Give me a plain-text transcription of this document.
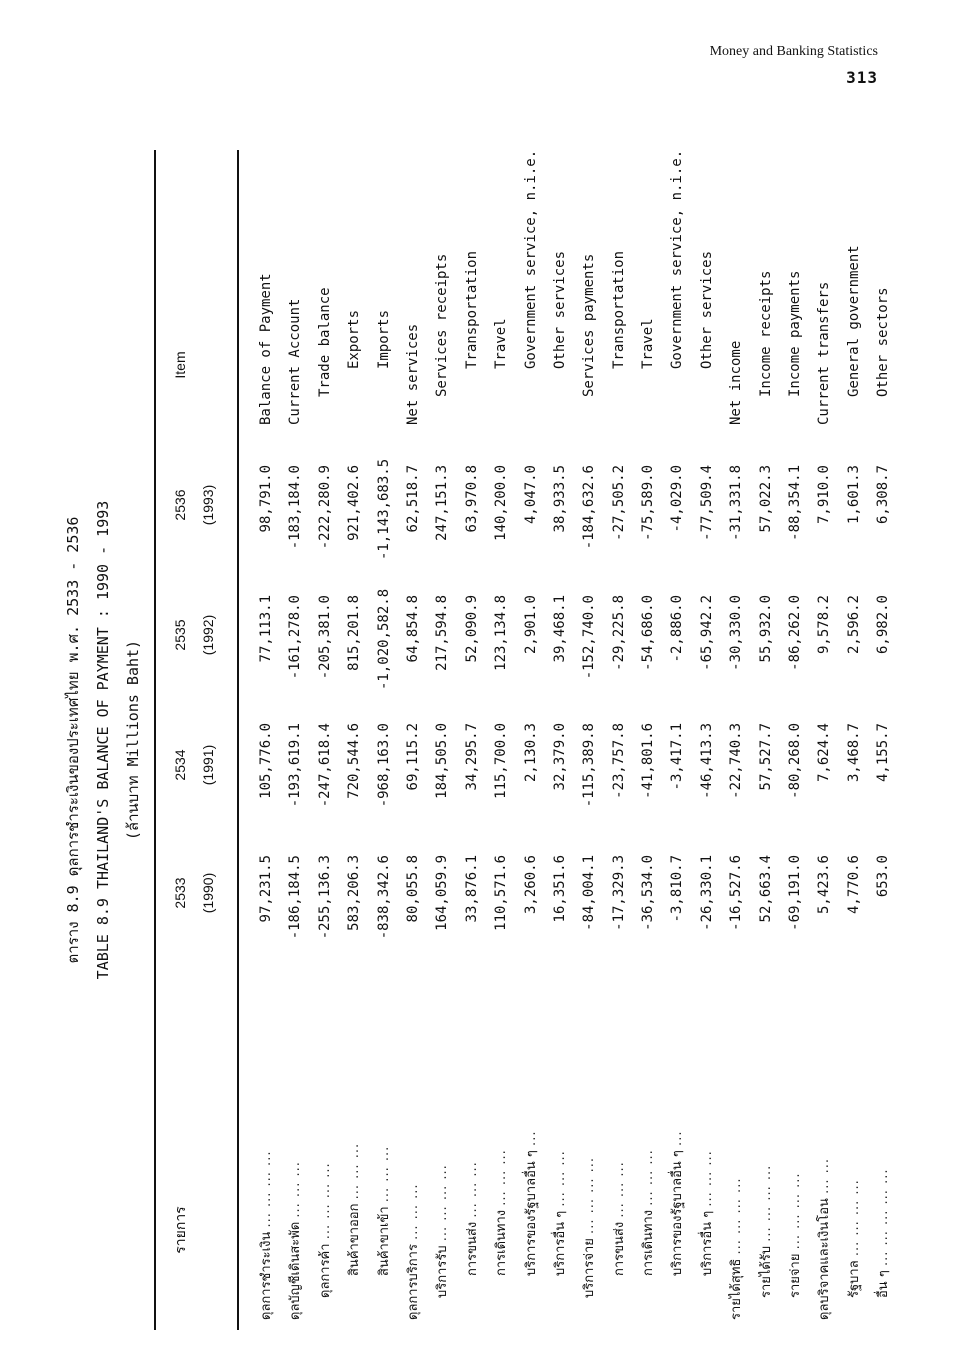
Money and Banking Statistics
313
ตาราง 8.9 ดุลการชำระเงินของประเทศไทย พ.ศ. 2533 - 2536 TABLE 8.9 THAILAND'S BALANCE OF PAYMENT : 1990 - 1993 (ล้านบาท Millions Baht)
รายการ
2533 (1990)
2534 (1991)
2535 (1992)
2536 (1993)
Item
ดุลการชำระเงิน ... ... ... ...
97,231.5
105,776.0
77,113.1
98,791.0
Balance of Payment
ดุลบัญชีเดินสะพัด ... ... ...
-186,184.5
-193,619.1
-161,278.0
-183,184.0
Current Account
ดุลการค้า ... ... ... ...
-255,136.3
-247,618.4
-205,381.0
-222,280.9
Trade balance
สินค้าขาออก ... ... ...
583,206.3
720,544.6
815,201.8
921,402.6
Exports
สินค้าขาเข้า ... ... ...
-838,342.6
-968,163.0
-1,020,582.8
-1,143,683.5
Imports
ดุลการบริการ ... ... ...
80,055.8
69,115.2
64,854.8
62,518.7
Net services
บริการรับ ... ... ... ...
164,059.9
184,505.0
217,594.8
247,151.3
Services receipts
การขนส่ง ... ... ...
33,876.1
34,295.7
52,090.9
63,970.8
Transportation
การเดินทาง ... ... ...
110,571.6
115,700.0
123,134.8
140,200.0
Travel
บริการของรัฐบาลอื่น ๆ ...
3,260.6
2,130.3
2,901.0
4,047.0
Government service, n.i.e.
บริการอื่น ๆ ... ... ...
16,351.6
32,379.0
39,468.1
38,933.5
Other services
บริการจ่าย ... ... ... ...
-84,004.1
-115,389.8
-152,740.0
-184,632.6
Services payments
การขนส่ง ... ... ...
-17,329.3
-23,757.8
-29,225.8
-27,505.2
Transportation
การเดินทาง ... ... ...
-36,534.0
-41,801.6
-54,686.0
-75,589.0
Travel
บริการของรัฐบาลอื่น ๆ ...
-3,810.7
-3,417.1
-2,886.0
-4,029.0
Government service, n.i.e.
บริการอื่น ๆ ... ... ...
-26,330.1
-46,413.3
-65,942.2
-77,509.4
Other services
รายได้สุทธิ ... ... ... ...
-16,527.6
-22,740.3
-30,330.0
-31,331.8
Net income
รายได้รับ ... ... ... ...
52,663.4
57,527.7
55,932.0
57,022.3
Income receipts
รายจ่าย ... ... ... ...
-69,191.0
-80,268.0
-86,262.0
-88,354.1
Income payments
ดุลบริจาคและเงินโอน ... ...
5,423.6
7,624.4
9,578.2
7,910.0
Current transfers
รัฐบาล ... ... ... ...
4,770.6
3,468.7
2,596.2
1,601.3
General government
อื่น ๆ ... ... ... ... ...
653.0
4,155.7
6,982.0
6,308.7
Other sectors
